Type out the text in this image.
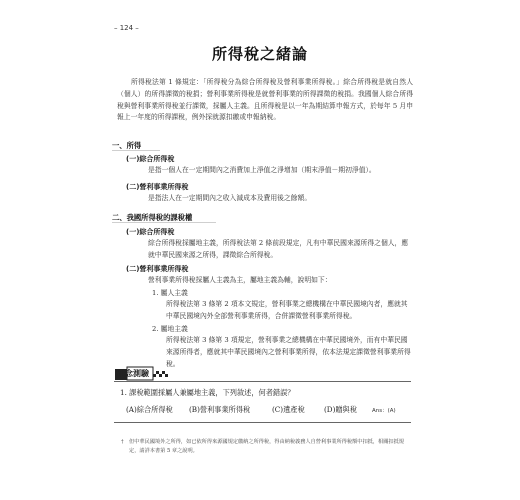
– 124 –
所得稅之緒論

所得稅法第 1 條規定：「所得稅分為綜合所得稅及營利事業所得稅。」綜合所得稅是就自然人（個人）的所得課徵的稅捐；營利事業所得稅是就營利事業的所得課徵的稅捐。我國個人綜合所得稅與營利事業所得稅並行課徵，採屬人主義。且所得稅是以一年為期結算申報方式，於每年 5 月申報上一年度的所得課稅，例外採就源扣繳或申報納稅。

一、所得
(一)綜合所得稅
是指一個人在一定期間內之消費加上淨值之淨增加（期末淨值－期初淨值）。
(二)營利事業所得稅
是指法人在一定期間內之收入減成本及費用後之餘額。
二、我國所得稅的課稅權
(一)綜合所得稅
綜合所得稅採屬地主義，所得稅法第 2 條前段規定，凡有中華民國來源所得之個人，應就中華民國來源之所得，課徵綜合所得稅。
(二)營利事業所得稅
營利事業所得稅採屬人主義為主，屬地主義為輔，說明如下：
1. 屬人主義
所得稅法第 3 條第 2 項本文規定，營利事業之總機構在中華民國境內者，應就其中華民國境內外全部營利事業所得，合併課徵營利事業所得稅。
2. 屬地主義
所得稅法第 3 條第 3 項規定，營利事業之總機構在中華民國境外，而有中華民國來源所得者，應就其中華民國境內之營利事業所得，依本法規定課徵營利事業所得稅。
觀念測驗
1. 課稅範圍採屬人兼屬地主義，下列敘述，何者錯誤？
(A)綜合所得稅 (B)營利事業所得稅	(C)遺產稅	(D)贈與稅	Ans：(A)
† 但中華民國境外之所得，如已依所得來源國規定繳納之所得稅，得由納稅義務人自營利事業所得稅額中扣抵，相關扣抵規定，請詳本書第 5 章之說明。
